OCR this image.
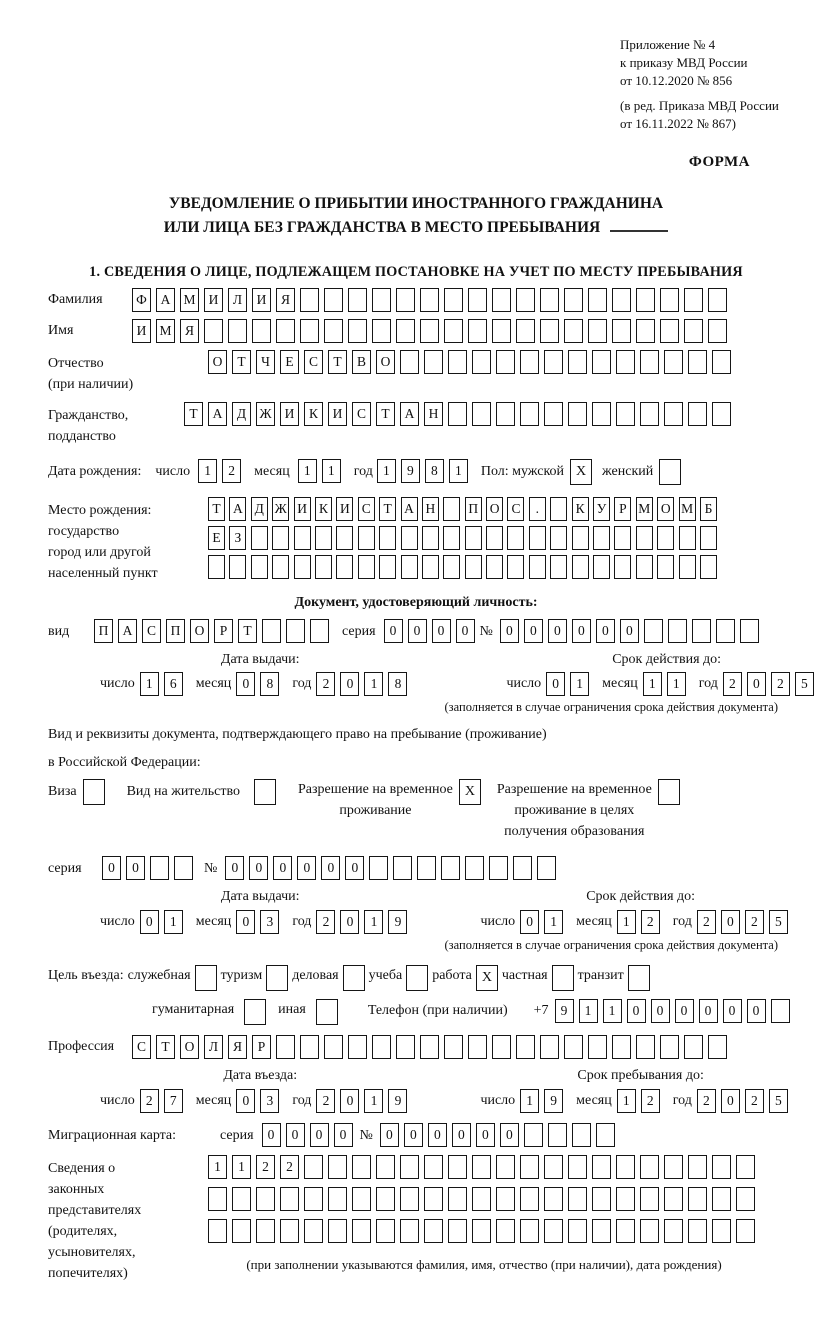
Приложение № 4
к приказу МВД России
от 10.12.2020 № 856
(в ред. Приказа МВД России
от 16.11.2022 № 867)
ФОРМА
УВЕДОМЛЕНИЕ О ПРИБЫТИИ ИНОСТРАННОГО ГРАЖДАНИНА
ИЛИ ЛИЦА БЕЗ ГРАЖДАНСТВА В МЕСТО ПРЕБЫВАНИЯ
1. СВЕДЕНИЯ О ЛИЦЕ, ПОДЛЕЖАЩЕМ ПОСТАНОВКЕ НА УЧЕТ ПО МЕСТУ ПРЕБЫВАНИЯ
Фамилия	Ф	А М И	Л	И	Я
Имя	И М Я
Отчество
(при наличии)
О	Т	Ч	Е	С	Т	В	О
Гражданство,
подданство
Т	А	Д Ж И	К	И	С	Т	А	Н
Дата рождения: число	1	2	месяц	1	1	год 1	9	8	1	Пол: мужской X	женский
Место рождения:
государство
город или другой
населенный пункт
Т А Д Ж И К И С Т А Н П О С	.	К У Р М О М Б
Е	З
Документ, удостоверяющий личность:
вид	П	А	С	П	О	Р	Т	серия	0	0	0	0 № 0	0	0	0	0	0
Дата выдачи:
число 1	6	месяц 0	8	год 2	0	1	8
Срок действия до:
число 0	1	месяц 1	1	год 2	0	2	5
(заполняется в случае ограничения срока действия документа)
Вид и реквизиты документа, подтверждающего право на пребывание (проживание)
в Российской Федерации:
Виза	Вид на жительство	Разрешение на временное
проживание
X	Разрешение на временное
проживание в целях
получения образования
серия	0	0	№	0	0	0	0	0	0
Дата выдачи:
число 0	1	месяц 0	3	год 2	0	1	9
Срок действия до:
число 0	1	месяц 1	2	год 2	0	2	5
(заполняется в случае ограничения срока действия документа)
Цель въезда: служебная туризм деловая учеба работа X частная транзит
гуманитарная	иная	Телефон (при наличии) +7 9	1	1	0	0	0	0	0	0
Профессия	С	Т	О	Л	Я	Р
Дата въезда:
число 2	7	месяц 0	3	год 2	0	1	9
Срок пребывания до:
число 1	9	месяц 1	2	год 2	0	2	5
Миграционная карта:	серия	0	0	0	0 № 0	0	0	0	0	0
Сведения о
законных
представителях
(родителях,
усыновителях,
попечителях)
1	1	2	2
(при заполнении указываются фамилия, имя, отчество (при наличии), дата рождения)
